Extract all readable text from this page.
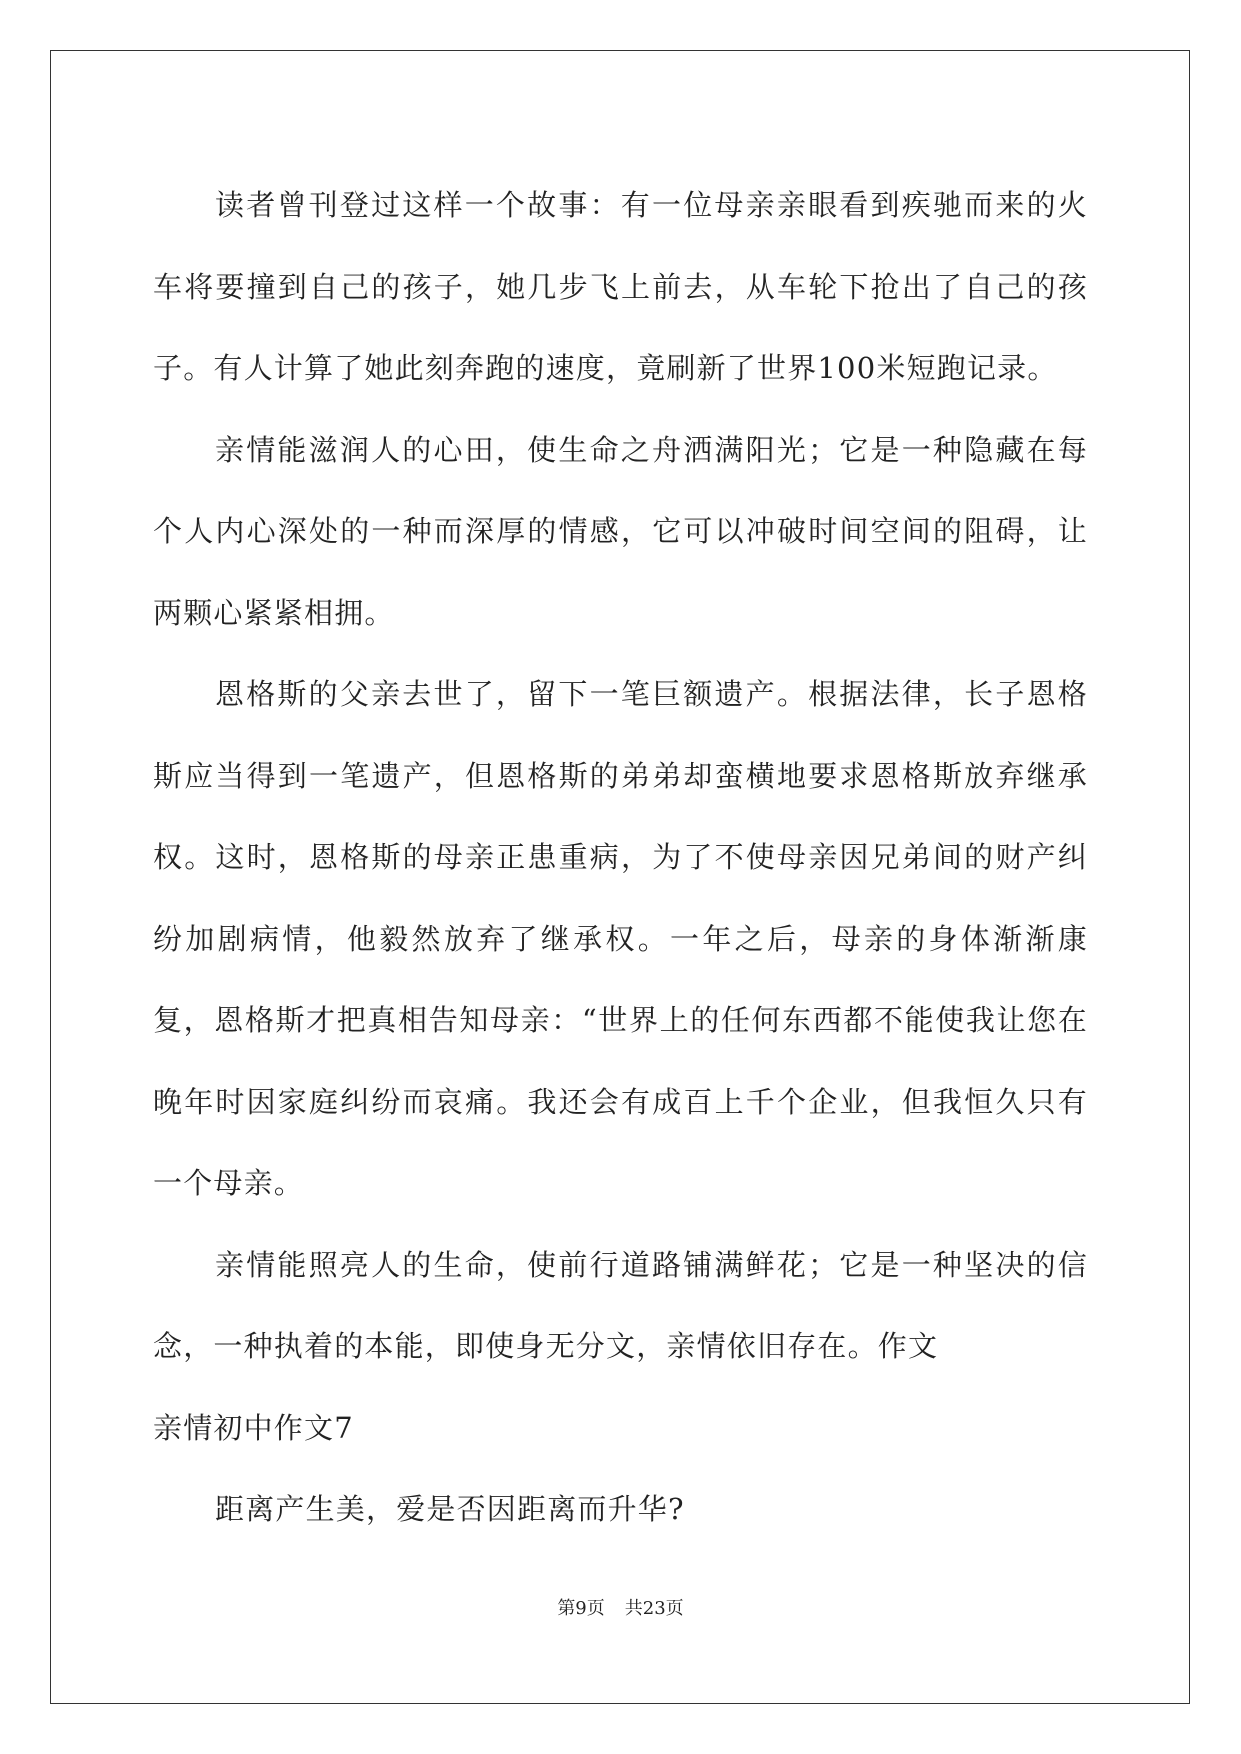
读者曾刊登过这样一个故事：有一位母亲亲眼看到疾驰而来的火车将要撞到自己的孩子，她几步飞上前去，从车轮下抢出了自己的孩子。有人计算了她此刻奔跑的速度，竟刷新了世界100米短跑记录。

亲情能滋润人的心田，使生命之舟洒满阳光；它是一种隐藏在每个人内心深处的一种而深厚的情感，它可以冲破时间空间的阻碍，让两颗心紧紧相拥。

恩格斯的父亲去世了，留下一笔巨额遗产。根据法律，长子恩格斯应当得到一笔遗产，但恩格斯的弟弟却蛮横地要求恩格斯放弃继承权。这时，恩格斯的母亲正患重病，为了不使母亲因兄弟间的财产纠纷加剧病情，他毅然放弃了继承权。一年之后，母亲的身体渐渐康复，恩格斯才把真相告知母亲：“世界上的任何东西都不能使我让您在晚年时因家庭纠纷而哀痛。我还会有成百上千个企业，但我恒久只有一个母亲。

亲情能照亮人的生命，使前行道路铺满鲜花；它是一种坚决的信念，一种执着的本能，即使身无分文，亲情依旧存在。作文

亲情初中作文7

距离产生美，爱是否因距离而升华?

第9页 共23页
